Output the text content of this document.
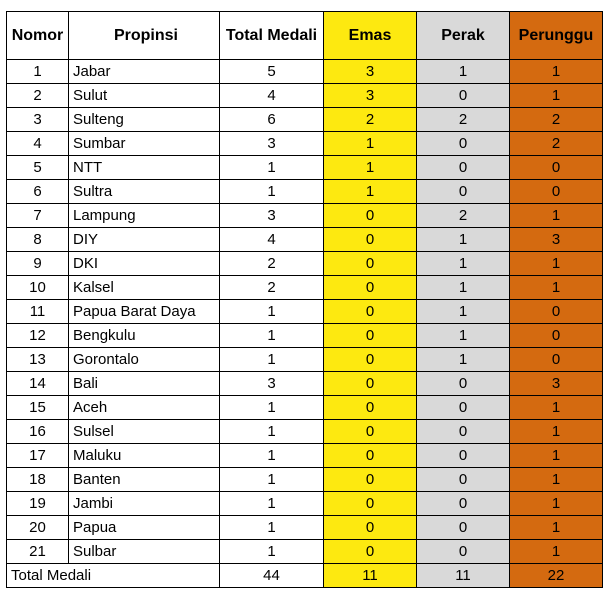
Nomor	Propinsi	Total Medali	Emas	Perak	Perunggu
1	Jabar	5	3	1	1
2	Sulut	4	3	0	1
3	Sulteng	6	2	2	2
4	Sumbar	3	1	0	2
5	NTT	1	1	0	0
6	Sultra	1	1	0	0
7	Lampung	3	0	2	1
8	DIY	4	0	1	3
9	DKI	2	0	1	1
10	Kalsel	2	0	1	1
11	Papua Barat Daya	1	0	1	0
12	Bengkulu	1	0	1	0
13	Gorontalo	1	0	1	0
14	Bali	3	0	0	3
15	Aceh	1	0	0	1
16	Sulsel	1	0	0	1
17	Maluku	1	0	0	1
18	Banten	1	0	0	1
19	Jambi	1	0	0	1
20	Papua	1	0	0	1
21	Sulbar	1	0	0	1
Total Medali		44	11	11	22
